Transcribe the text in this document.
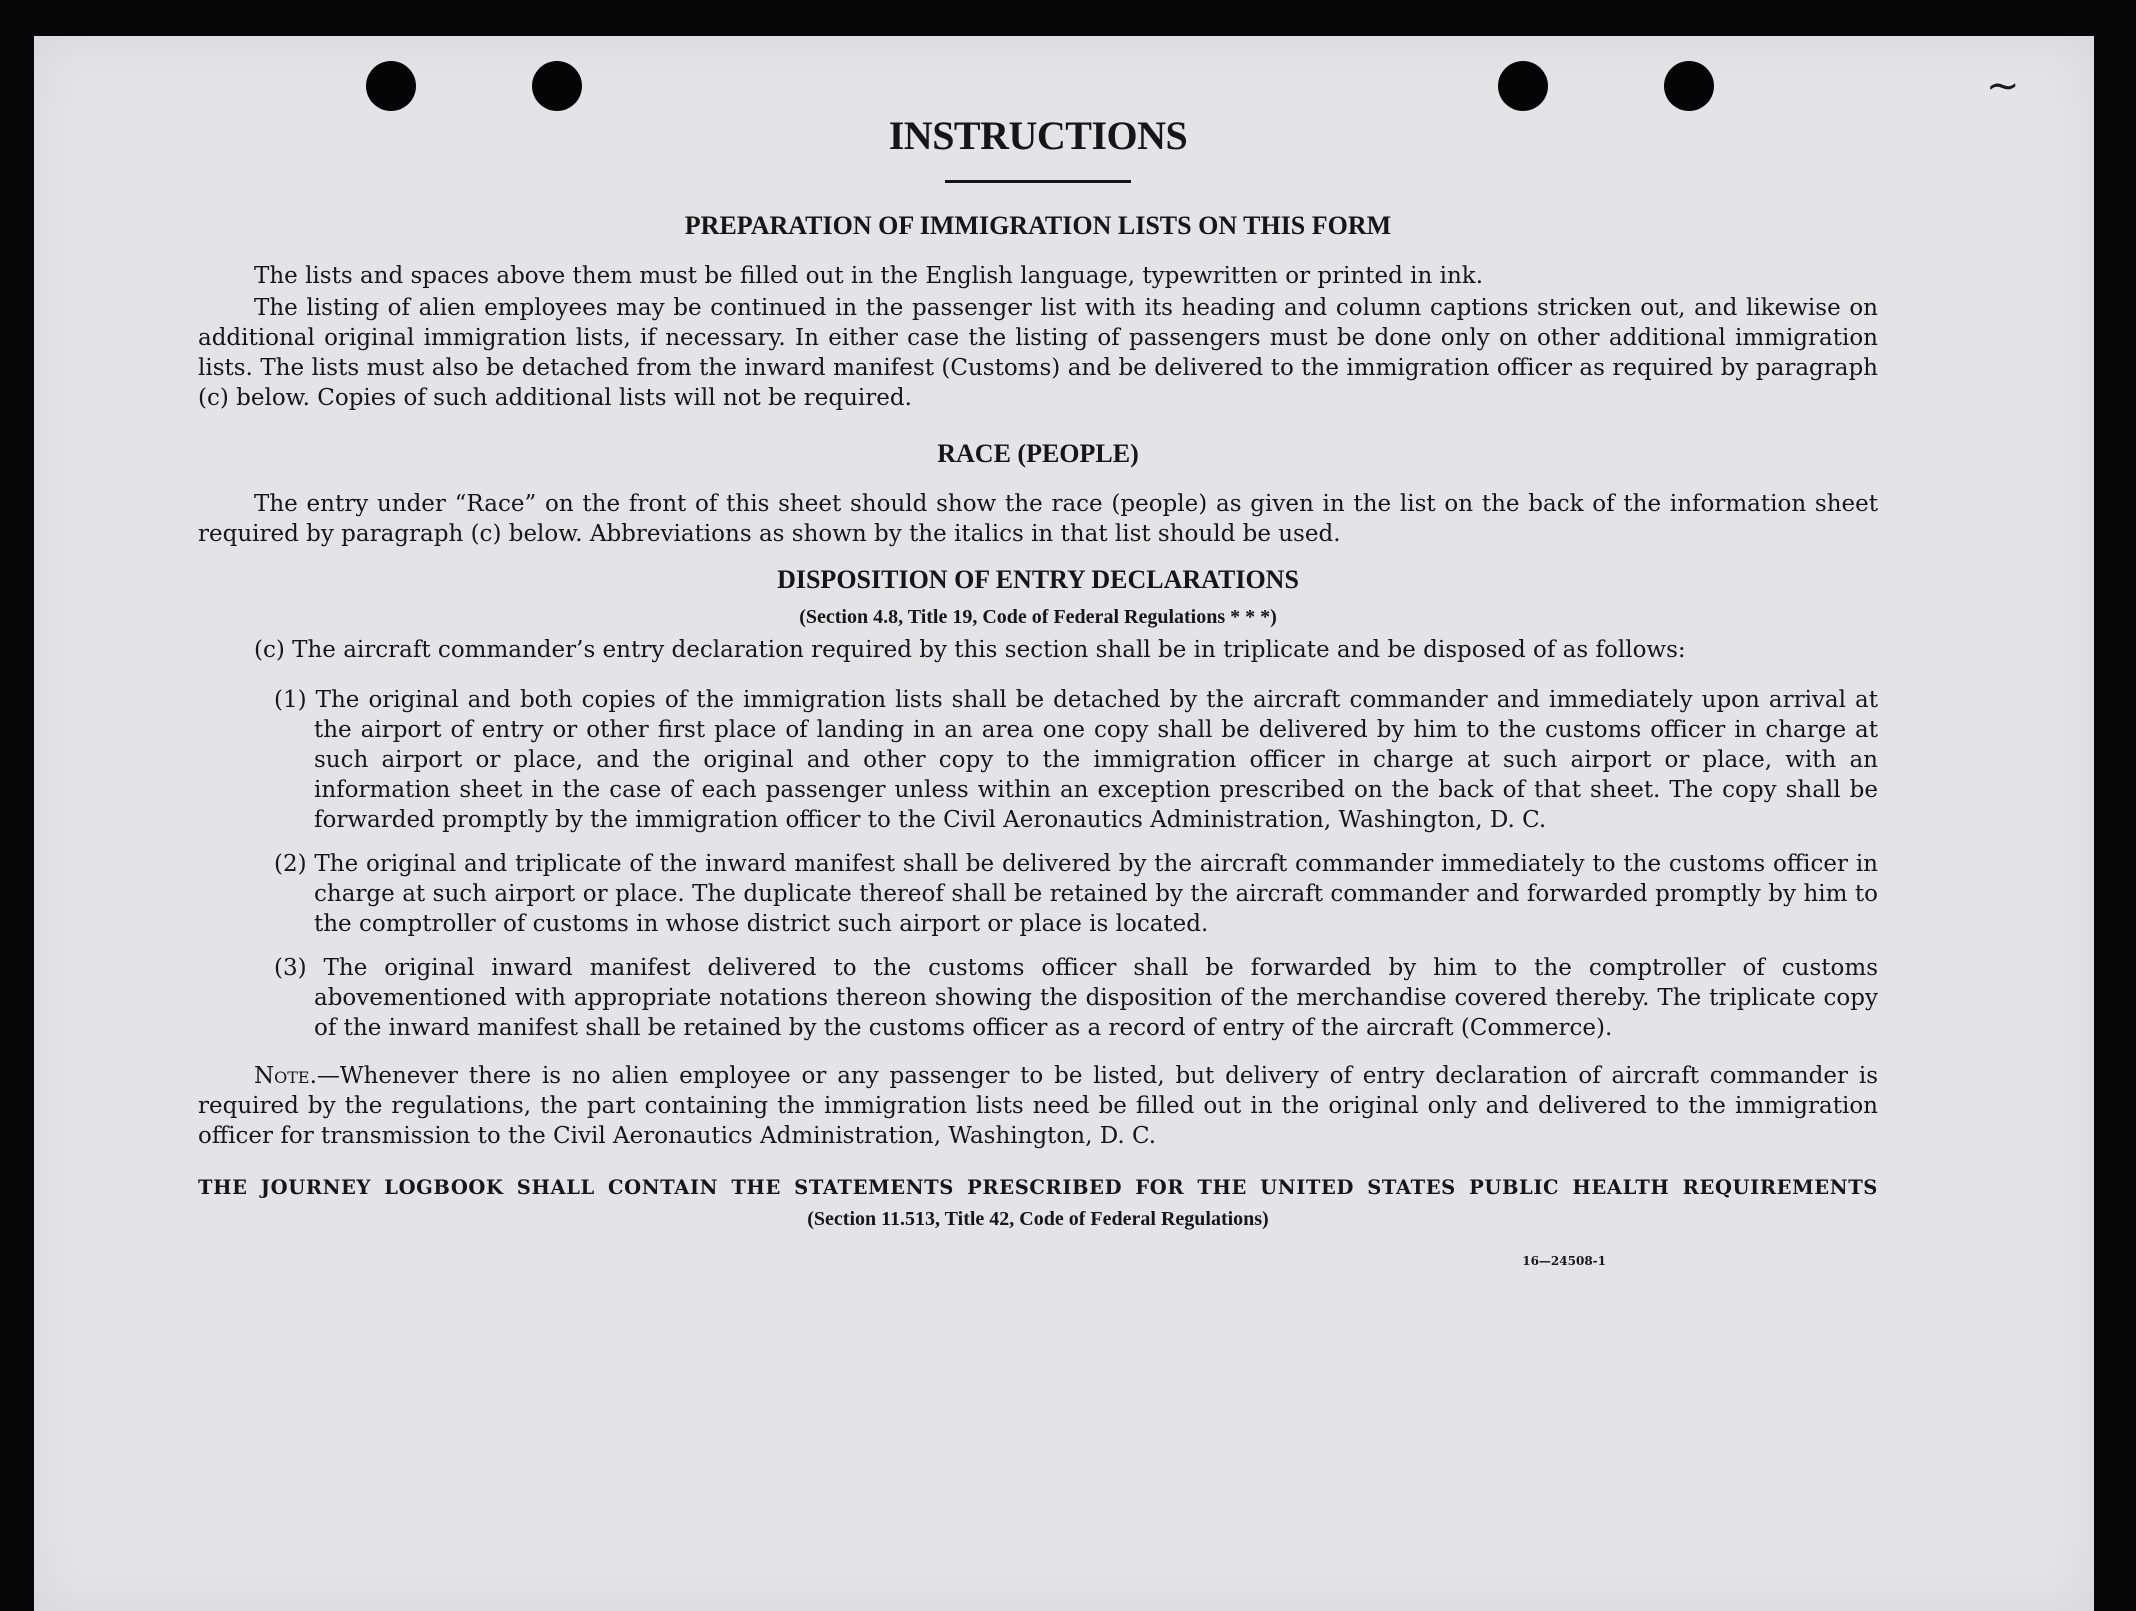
∼
INSTRUCTIONS
PREPARATION OF IMMIGRATION LISTS ON THIS FORM

The lists and spaces above them must be filled out in the English language, typewritten or printed in ink.

The listing of alien employees may be continued in the passenger list with its heading and column captions stricken out, and likewise on additional original immigration lists, if necessary. In either case the listing of passengers must be done only on other additional immigration lists. The lists must also be detached from the inward manifest (Customs) and be delivered to the immigration officer as required by paragraph (c) below. Copies of such additional lists will not be required.

RACE (PEOPLE)

The entry under “Race” on the front of this sheet should show the race (people) as given in the list on the back of the information sheet required by paragraph (c) below. Abbreviations as shown by the italics in that list should be used.

DISPOSITION OF ENTRY DECLARATIONS
(Section 4.8, Title 19, Code of Federal Regulations * * *)

(c) The aircraft commander’s entry declaration required by this section shall be in triplicate and be disposed of as follows:

(1) The original and both copies of the immigration lists shall be detached by the aircraft commander and immediately upon arrival at the airport of entry or other first place of landing in an area one copy shall be delivered by him to the customs officer in charge at such airport or place, and the original and other copy to the immigration officer in charge at such airport or place, with an information sheet in the case of each passenger unless within an exception prescribed on the back of that sheet. The copy shall be forwarded promptly by the immigration officer to the Civil Aeronautics Administration, Washington, D. C.

(2) The original and triplicate of the inward manifest shall be delivered by the aircraft commander immediately to the customs officer in charge at such airport or place. The duplicate thereof shall be retained by the aircraft commander and forwarded promptly by him to the comptroller of customs in whose district such airport or place is located.

(3) The original inward manifest delivered to the customs officer shall be forwarded by him to the comptroller of customs abovementioned with appropriate notations thereon showing the disposition of the merchandise covered thereby. The triplicate copy of the inward manifest shall be retained by the customs officer as a record of entry of the aircraft (Commerce).

Note.—Whenever there is no alien employee or any passenger to be listed, but delivery of entry declaration of aircraft commander is required by the regulations, the part containing the immigration lists need be filled out in the original only and delivered to the immigration officer for transmission to the Civil Aeronautics Administration, Washington, D. C.

THE JOURNEY LOGBOOK SHALL CONTAIN THE STATEMENTS PRESCRIBED FOR THE UNITED STATES PUBLIC HEALTH REQUIREMENTS

(Section 11.513, Title 42, Code of Federal Regulations)
16—24508-1
